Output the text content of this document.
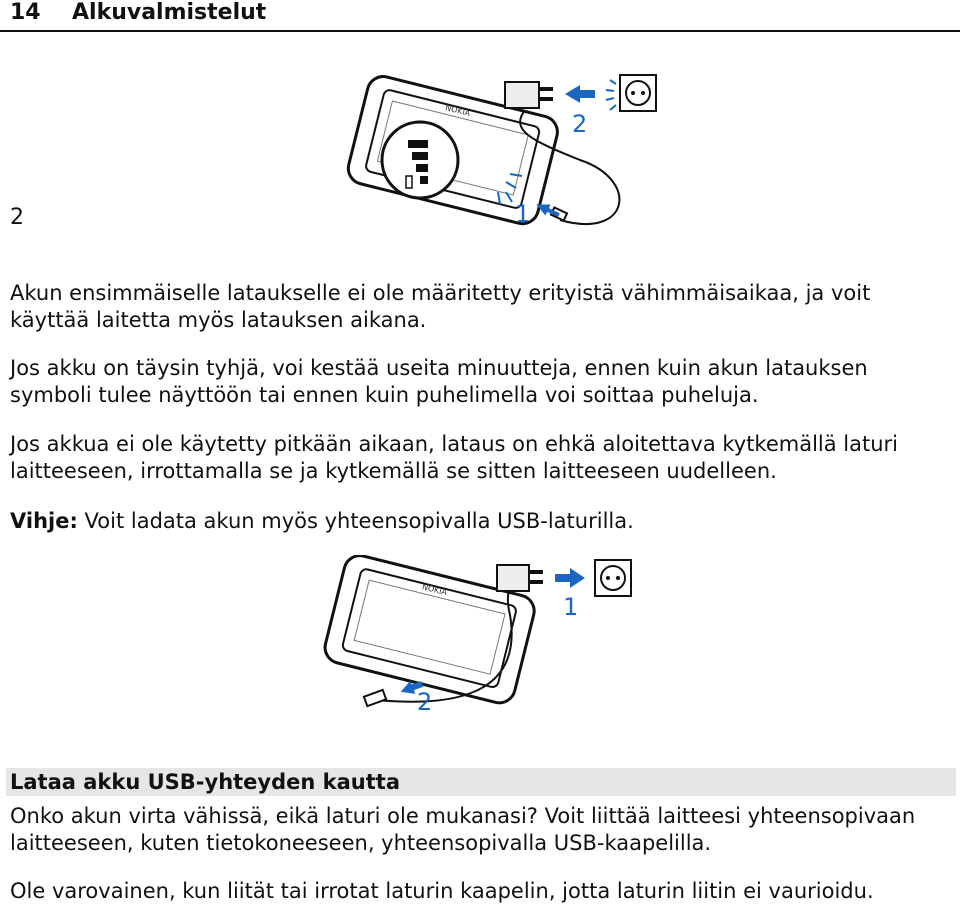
14 Alkuvalmistelut
2
NOKIA
1
2
Akun ensimmäiselle lataukselle ei ole määritetty erityistä vähimmäisaikaa, ja voit käyttää laitetta myös latauksen aikana.
Jos akku on täysin tyhjä, voi kestää useita minuutteja, ennen kuin akun latauksen symboli tulee näyttöön tai ennen kuin puhelimella voi soittaa puheluja.
Jos akkua ei ole käytetty pitkään aikaan, lataus on ehkä aloitettava kytkemällä laturi laitteeseen, irrottamalla se ja kytkemällä se sitten laitteeseen uudelleen.
Vihje: Voit ladata akun myös yhteensopivalla USB-laturilla.
NOKIA
2
1
Lataa akku USB-yhteyden kautta
Onko akun virta vähissä, eikä laturi ole mukanasi? Voit liittää laitteesi yhteensopivaan laitteeseen, kuten tietokoneeseen, yhteensopivalla USB-kaapelilla.
Ole varovainen, kun liität tai irrotat laturin kaapelin, jotta laturin liitin ei vaurioidu.
